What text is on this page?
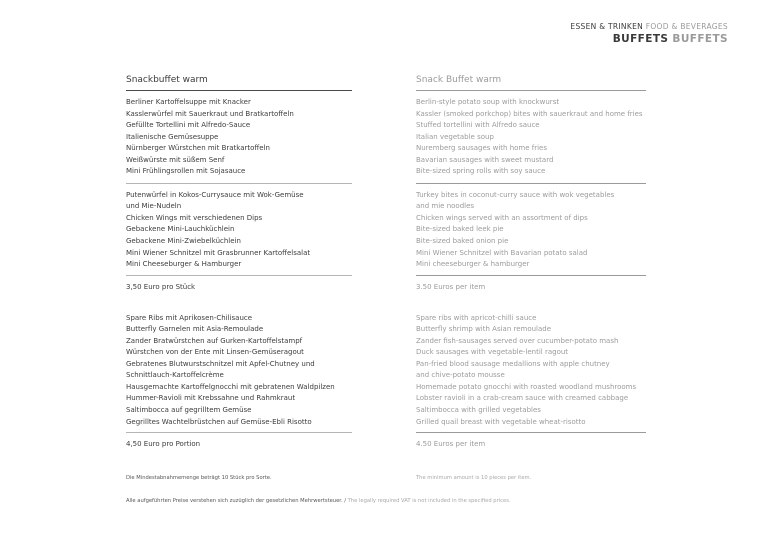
ESSEN & TRINKEN FOOD & BEVERAGES
BUFFETS BUFFETS
Snackbuffet warm
Berliner Kartoffelsuppe mit Knacker
Kasslerwürfel mit Sauerkraut und Bratkartoffeln
Gefüllte Tortellini mit Alfredo-Sauce
Italienische Gemüsesuppe
Nürnberger Würstchen mit Bratkartoffeln
Weißwürste mit süßem Senf
Mini Frühlingsrollen mit Sojasauce
Putenwürfel in Kokos-Currysauce mit Wok-Gemüse
und Mie-Nudeln
Chicken Wings mit verschiedenen Dips
Gebackene Mini-Lauchküchlein
Gebackene Mini-Zwiebelküchlein
Mini Wiener Schnitzel mit Grasbrunner Kartoffelsalat
Mini Cheeseburger & Hamburger
3,50 Euro pro Stück
Spare Ribs mit Aprikosen-Chilisauce
Butterfly Garnelen mit Asia-Remoulade
Zander Bratwürstchen auf Gurken-Kartoffelstampf
Würstchen von der Ente mit Linsen-Gemüseragout
Gebratenes Blutwurstschnitzel mit Apfel-Chutney und
Schnittlauch-Kartoffelcrème
Hausgemachte Kartoffelgnocchi mit gebratenen Waldpilzen
Hummer-Ravioli mit Krebssahne und Rahmkraut
Saltimbocca auf gegrilltem Gemüse
Gegrilltes Wachtelbrüstchen auf Gemüse-Ebli Risotto
4,50 Euro pro Portion
Snack Buffet warm
Berlin-style potato soup with knockwurst
Kassler (smoked porkchop) bites with sauerkraut and home fries
Stuffed tortellini with Alfredo sauce
Italian vegetable soup
Nuremberg sausages with home fries
Bavarian sausages with sweet mustard
Bite-sized spring rolls with soy sauce
Turkey bites in coconut-curry sauce with wok vegetables
and mie noodles
Chicken wings served with an assortment of dips
Bite-sized baked leek pie
Bite-sized baked onion pie
Mini Wiener Schnitzel with Bavarian potato salad
Mini cheeseburger & hamburger
3.50 Euros per item
Spare ribs with apricot-chilli sauce
Butterfly shrimp with Asian remoulade
Zander fish-sausages served over cucumber-potato mash
Duck sausages with vegetable-lentil ragout
Pan-fried blood sausage medallions with apple chutney
and chive-potato mousse
Homemade potato gnocchi with roasted woodland mushrooms
Lobster ravioli in a crab-cream sauce with creamed cabbage
Saltimbocca with grilled vegetables
Grilled quail breast with vegetable wheat-risotto
4.50 Euros per item
Die Mindestabnahmemenge beträgt 10 Stück pro Sorte.	The minimum amount is 10 pieces per item.
Alle aufgeführten Preise verstehen sich zuzüglich der gesetzlichen Mehrwertsteuer. / The legally required VAT is not included in the specified prices.
